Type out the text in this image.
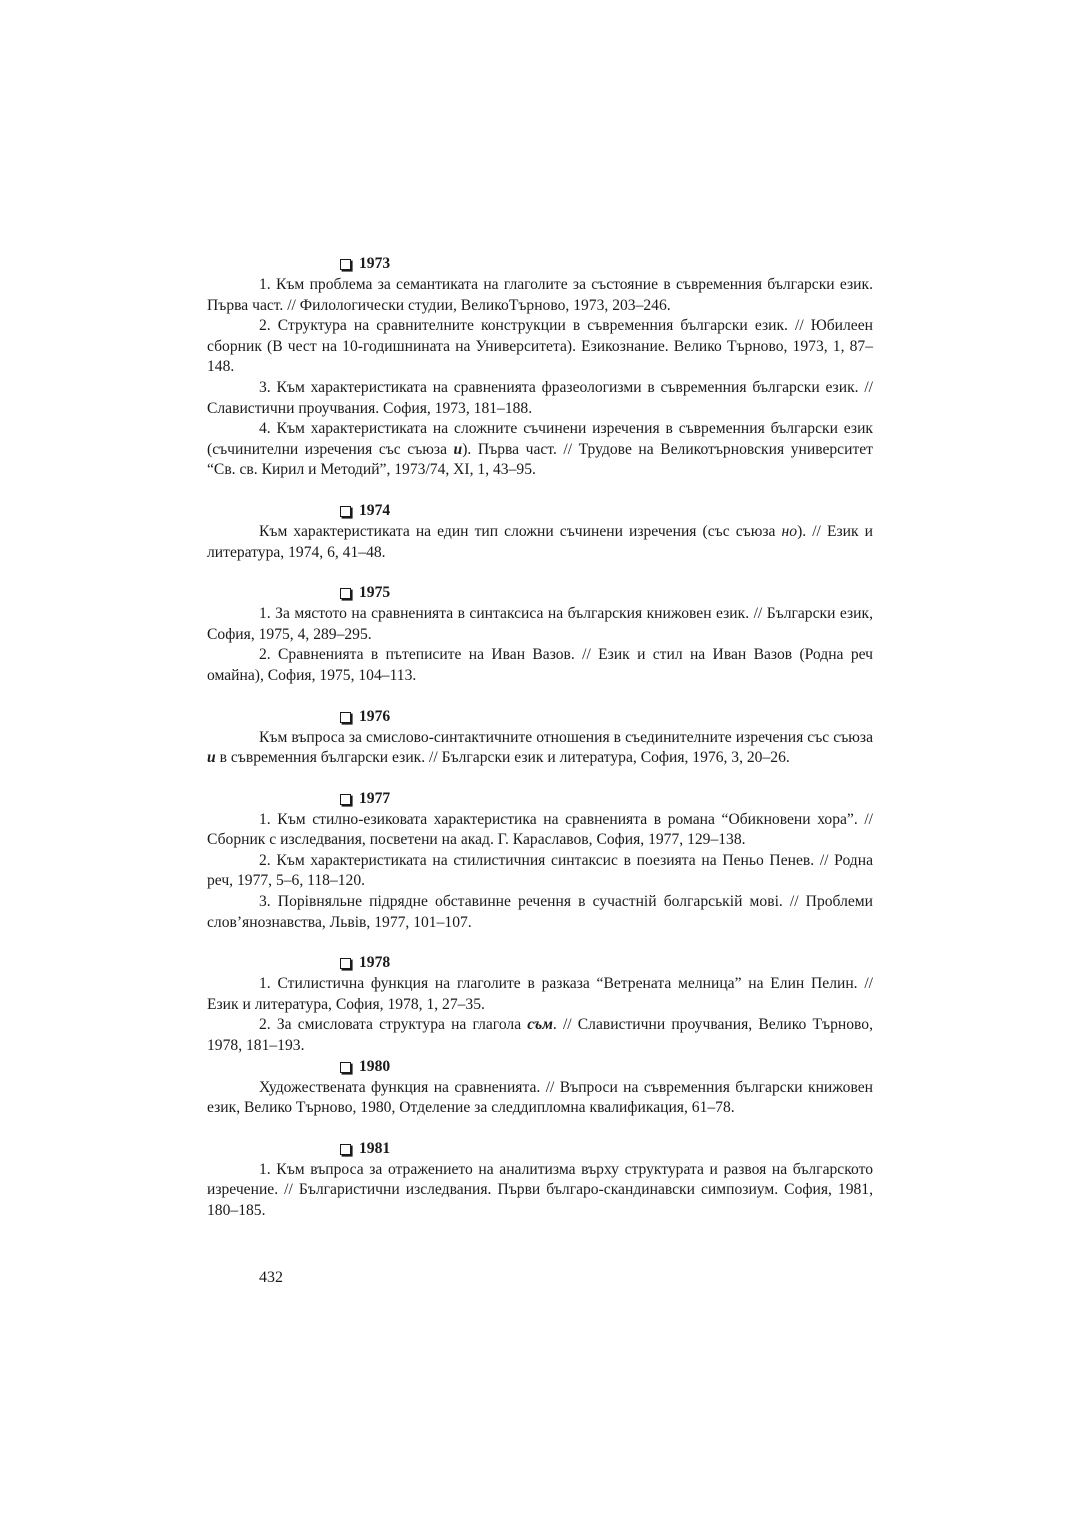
1973

1. Към проблема за семантиката на глаголите за състояние в съвременния български език. Първа част. // Филологически студии, ВеликоТърново, 1973, 203–246.

2. Структура на сравнителните конструкции в съвременния български език. // Юбилеен сборник (В чест на 10-годишнината на Университета). Езикознание. Велико Търново, 1973, 1, 87–148.

3. Към характеристиката на сравненията фразеологизми в съвременния български език. // Славистични проучвания. София, 1973, 181–188.

4. Към характеристиката на сложните съчинени изречения в съвременния български език (съчинителни изречения със съюза и). Първа част. // Трудове на Великотърновския университет “Св. св. Кирил и Методий”, 1973/74, XI, 1, 43–95.

1974

Към характеристиката на един тип сложни съчинени изречения (със съюза но). // Език и литература, 1974, 6, 41–48.

1975

1. За мястото на сравненията в синтаксиса на българския книжовен език. // Български език, София, 1975, 4, 289–295.

2. Сравненията в пътеписите на Иван Вазов. // Език и стил на Иван Вазов (Родна реч омайна), София, 1975, 104–113.

1976

Към въпроса за смислово-синтактичните отношения в съединителните изречения със съюза и в съвременния български език. // Български език и литература, София, 1976, 3, 20–26.

1977

1. Към стилно-езиковата характеристика на сравненията в романа “Обикновени хора”. // Сборник с изследвания, посветени на акад. Г. Караславов, София, 1977, 129–138.

2. Към характеристиката на стилистичния синтаксис в поезията на Пеньо Пенев. // Родна реч, 1977, 5–6, 118–120.

3. Порівняльне підрядне обставинне речення в сучастній болгарській мові. // Проблеми слов’янознавства, Львів, 1977, 101–107.

1978

1. Стилистична функция на глаголите в разказа “Ветрената мелница” на Елин Пелин. // Език и литература, София, 1978, 1, 27–35.

2. За смисловата структура на глагола съм. // Славистични проучвания, Велико Търново, 1978, 181–193.

1980

Художествената функция на сравненията. // Въпроси на съвременния български книжовен език, Велико Търново, 1980, Отделение за следдипломна квалификация, 61–78.

1981

1. Към въпроса за отражението на аналитизма върху структурата и развоя на българското изречение. // Българистични изследвания. Първи българо-скандинавски симпозиум. София, 1981, 180–185.

432
